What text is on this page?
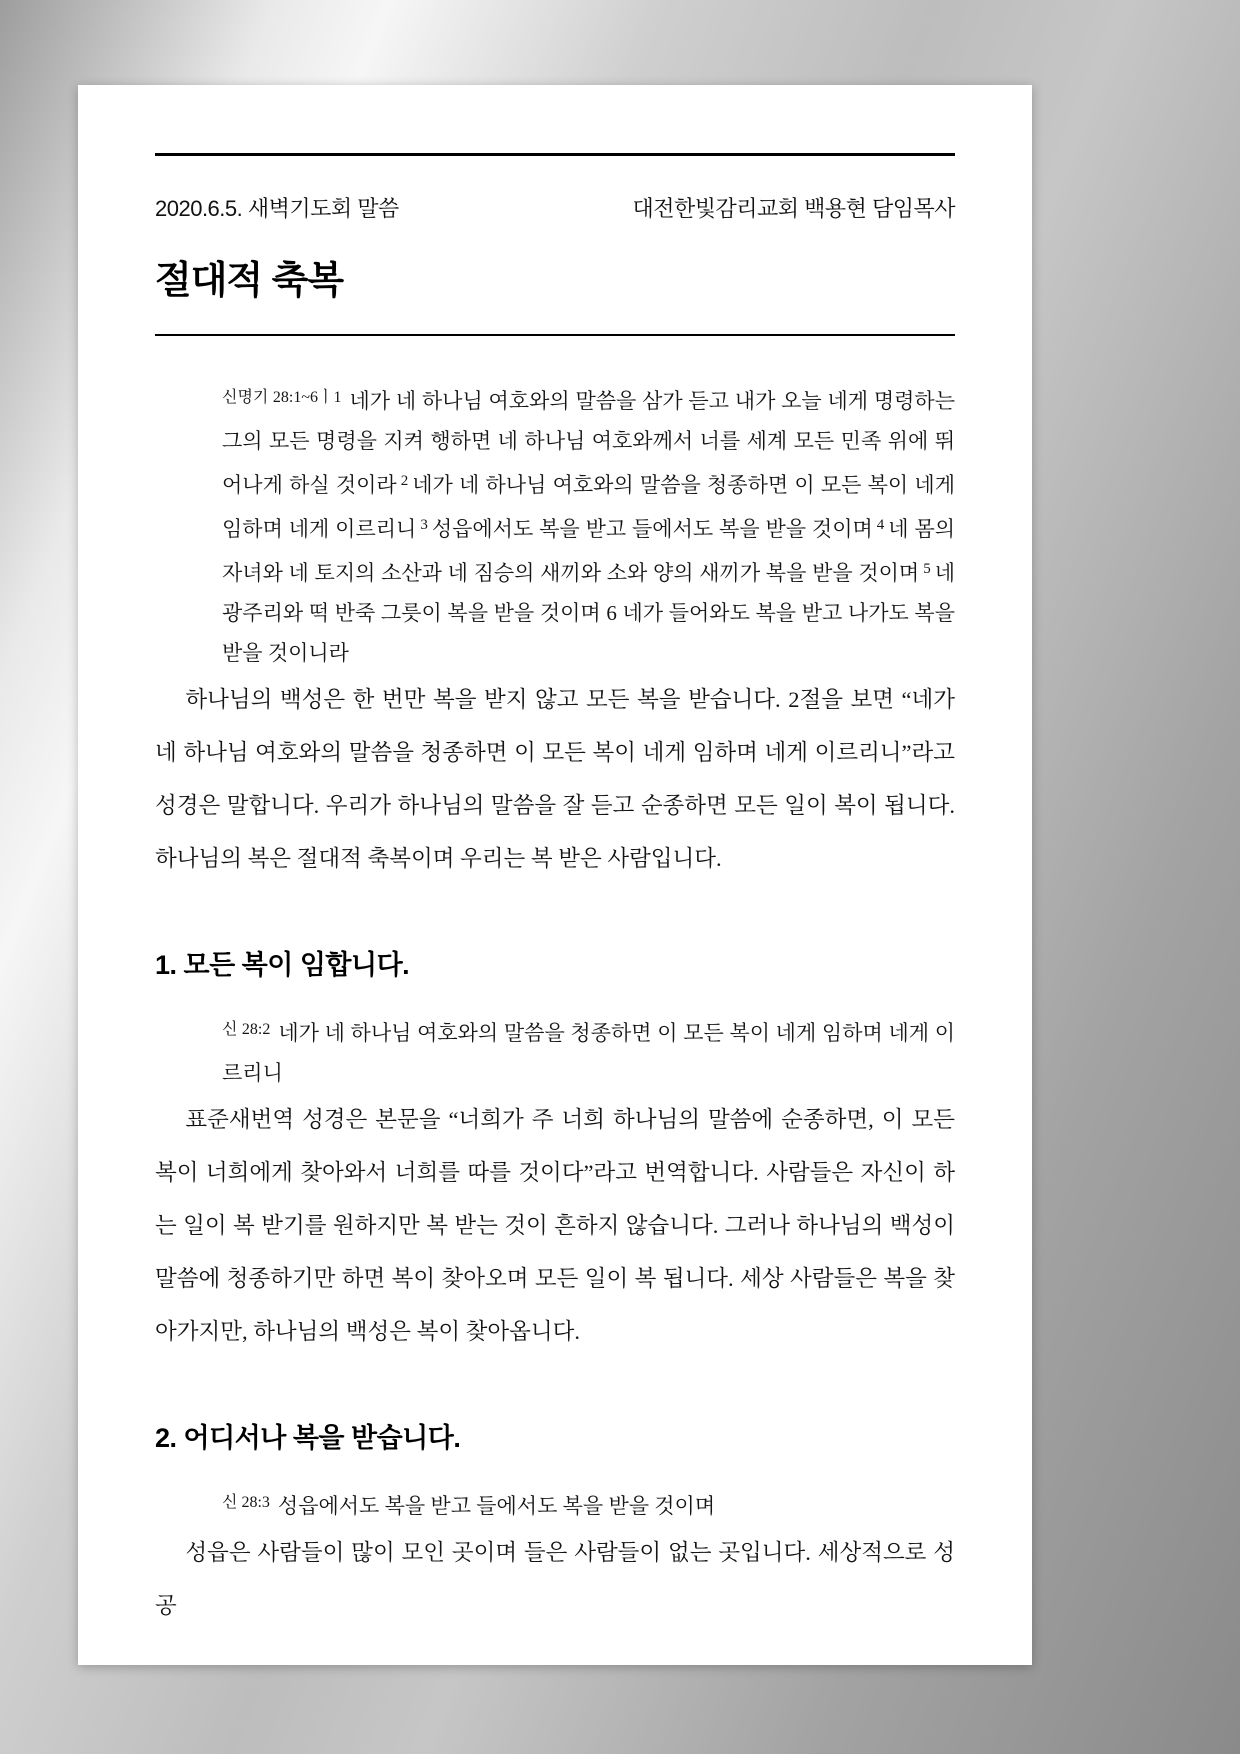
2020.6.5. 새벽기도회 말씀	대전한빛감리교회 백용현 담임목사
절대적 축복
$^{신명기 28:1\sim 6ㅣ1}$ 네가 네 하나님 여호와의 말씀을 삼가 듣고 내가 오늘 네게 명령하는 그의 모든 명령을 지켜 행하면 네 하나님 여호와께서 너를 세계 모든 민족 위에 뛰어나게 하실 것이라 $^2$ 네가 네 하나님 여호와의 말씀을 청종하면 이 모든 복이 네게 임하며 네게 이르리니 $^3$ 성읍에서도 복을 받고 들에서도 복을 받을 것이며 $^4$ 네 몸의 자녀와 네 토지의 소산과 네 짐승의 새끼와 소와 양의 새끼가 복을 받을 것이며 $^5$ 네 광주리와 떡 반죽 그릇이 복을 받을 것이며 6 네가 들어와도 복을 받고 나가도 복을 받을 것이니라

하나님의 백성은 한 번만 복을 받지 않고 모든 복을 받습니다. 2절을 보면 “네가 네 하나님 여호와의 말씀을 청종하면 이 모든 복이 네게 임하며 네게 이르리니”라고 성경은 말합니다. 우리가 하나님의 말씀을 잘 듣고 순종하면 모든 일이 복이 됩니다. 하나님의 복은 절대적 축복이며 우리는 복 받은 사람입니다.

1. 모든 복이 임합니다.
$^{신 28:2}$ 네가 네 하나님 여호와의 말씀을 청종하면 이 모든 복이 네게 임하며 네게 이르리니

표준새번역 성경은 본문을 “너희가 주 너희 하나님의 말씀에 순종하면, 이 모든 복이 너희에게 찾아와서 너희를 따를 것이다”라고 번역합니다. 사람들은 자신이 하는 일이 복 받기를 원하지만 복 받는 것이 흔하지 않습니다. 그러나 하나님의 백성이 말씀에 청종하기만 하면 복이 찾아오며 모든 일이 복 됩니다. 세상 사람들은 복을 찾아가지만, 하나님의 백성은 복이 찾아옵니다.

2. 어디서나 복을 받습니다.
$^{신 28:3}$ 성읍에서도 복을 받고 들에서도 복을 받을 것이며

성읍은 사람들이 많이 모인 곳이며 들은 사람들이 없는 곳입니다. 세상적으로 성공
